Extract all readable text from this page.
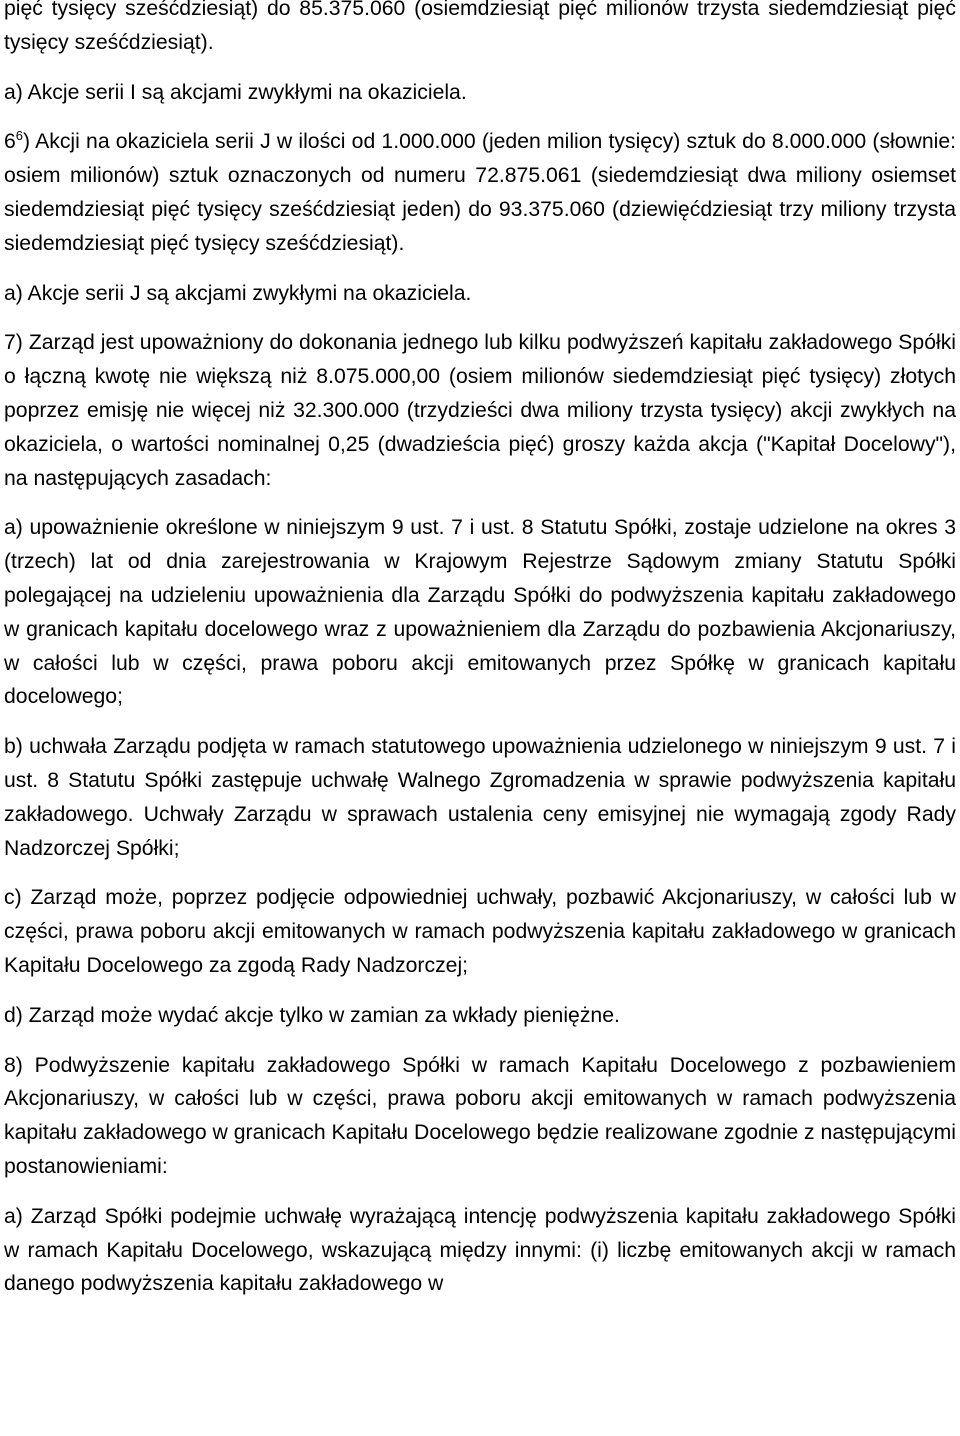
pięć tysięcy sześćdziesiąt) do 85.375.060 (osiemdziesiąt pięć milionów trzysta siedemdziesiąt pięć tysięcy sześćdziesiąt).

a) Akcje serii I są akcjami zwykłymi na okaziciela.

$6^6$) Akcji na okaziciela serii J w ilości od 1.000.000 (jeden milion tysięcy) sztuk do 8.000.000 (słownie: osiem milionów) sztuk oznaczonych od numeru 72.875.061 (siedemdziesiąt dwa miliony osiemset siedemdziesiąt pięć tysięcy sześćdziesiąt jeden) do 93.375.060 (dziewięćdziesiąt trzy miliony trzysta siedemdziesiąt pięć tysięcy sześćdziesiąt).

a) Akcje serii J są akcjami zwykłymi na okaziciela.

7) Zarząd jest upoważniony do dokonania jednego lub kilku podwyższeń kapitału zakładowego Spółki o łączną kwotę nie większą niż 8.075.000,00 (osiem milionów siedemdziesiąt pięć tysięcy) złotych poprzez emisję nie więcej niż 32.300.000 (trzydzieści dwa miliony trzysta tysięcy) akcji zwykłych na okaziciela, o wartości nominalnej 0,25 (dwadzieścia pięć) groszy każda akcja ("Kapitał Docelowy"), na następujących zasadach:

a) upoważnienie określone w niniejszym 9 ust. 7 i ust. 8 Statutu Spółki, zostaje udzielone na okres 3 (trzech) lat od dnia zarejestrowania w Krajowym Rejestrze Sądowym zmiany Statutu Spółki polegającej na udzieleniu upoważnienia dla Zarządu Spółki do podwyższenia kapitału zakładowego w granicach kapitału docelowego wraz z upoważnieniem dla Zarządu do pozbawienia Akcjonariuszy, w całości lub w części, prawa poboru akcji emitowanych przez Spółkę w granicach kapitału docelowego;

b) uchwała Zarządu podjęta w ramach statutowego upoważnienia udzielonego w niniejszym 9 ust. 7 i ust. 8 Statutu Spółki zastępuje uchwałę Walnego Zgromadzenia w sprawie podwyższenia kapitału zakładowego. Uchwały Zarządu w sprawach ustalenia ceny emisyjnej nie wymagają zgody Rady Nadzorczej Spółki;

c) Zarząd może, poprzez podjęcie odpowiedniej uchwały, pozbawić Akcjonariuszy, w całości lub w części, prawa poboru akcji emitowanych w ramach podwyższenia kapitału zakładowego w granicach Kapitału Docelowego za zgodą Rady Nadzorczej;

d) Zarząd może wydać akcje tylko w zamian za wkłady pieniężne.

8) Podwyższenie kapitału zakładowego Spółki w ramach Kapitału Docelowego z pozbawieniem Akcjonariuszy, w całości lub w części, prawa poboru akcji emitowanych w ramach podwyższenia kapitału zakładowego w granicach Kapitału Docelowego będzie realizowane zgodnie z następującymi postanowieniami:

a) Zarząd Spółki podejmie uchwałę wyrażającą intencję podwyższenia kapitału zakładowego Spółki w ramach Kapitału Docelowego, wskazującą między innymi: (i) liczbę emitowanych akcji w ramach danego podwyższenia kapitału zakładowego w
